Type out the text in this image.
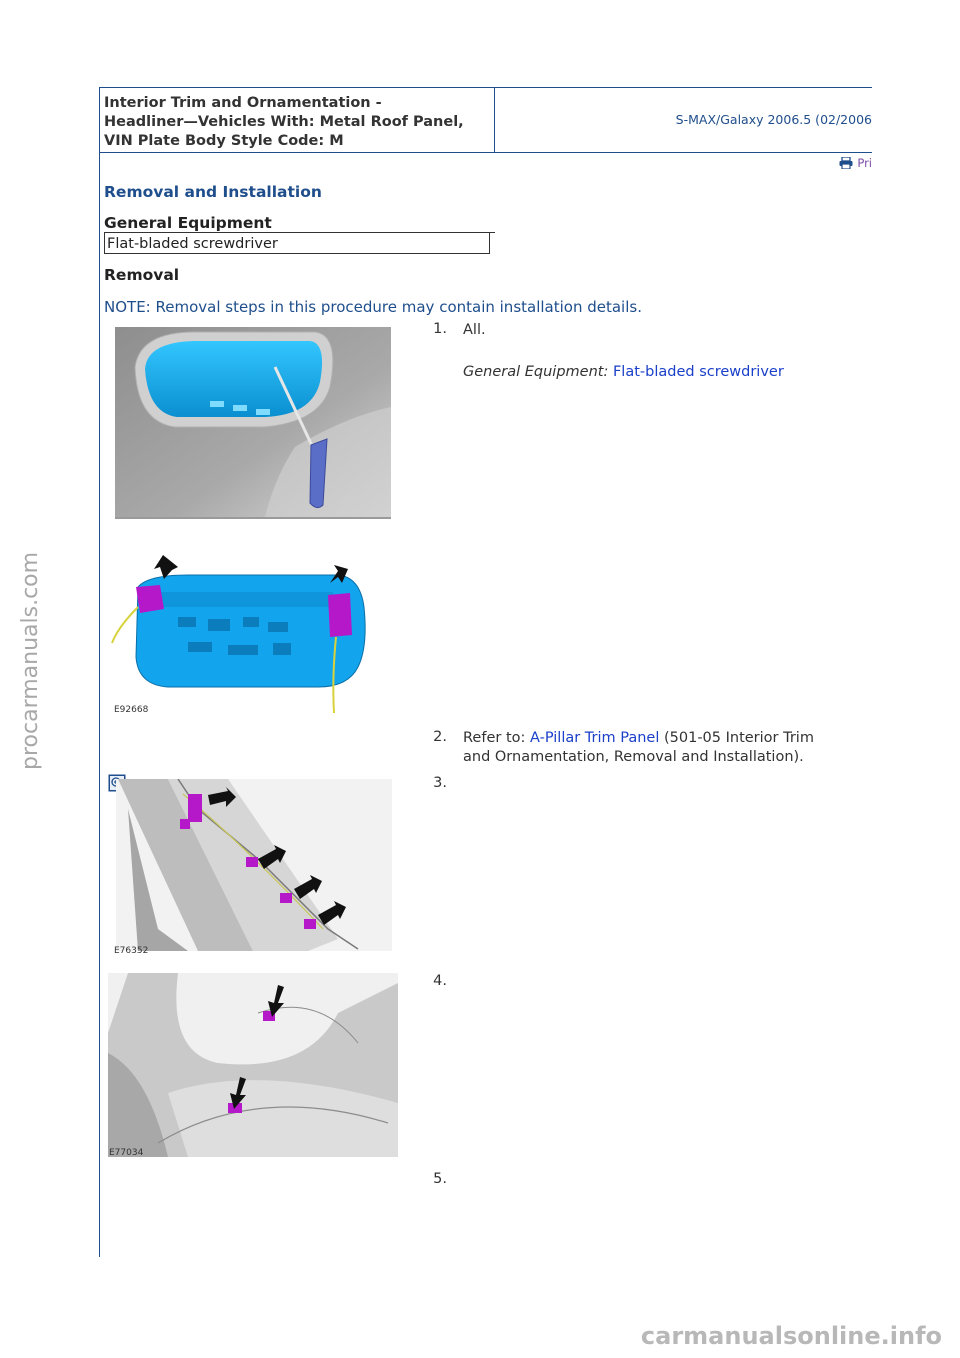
Interior Trim and Ornamentation -
Headliner—Vehicles With: Metal Roof Panel,
VIN Plate Body Style Code: M
S-MAX/Galaxy 2006.5 (02/2006
Pri
Removal and Installation
General Equipment
Flat-bladed screwdriver
Removal
NOTE: Removal steps in this procedure may contain installation details.
1. All.
General Equipment: Flat-bladed screwdriver
E92668
2. Refer to: A-Pillar Trim Panel (501-05 Interior Trim
and Ornamentation, Removal and Installation).
3.
E76352
4.
E77034
5.
procarmanuals.com
carmanualsonline.info
